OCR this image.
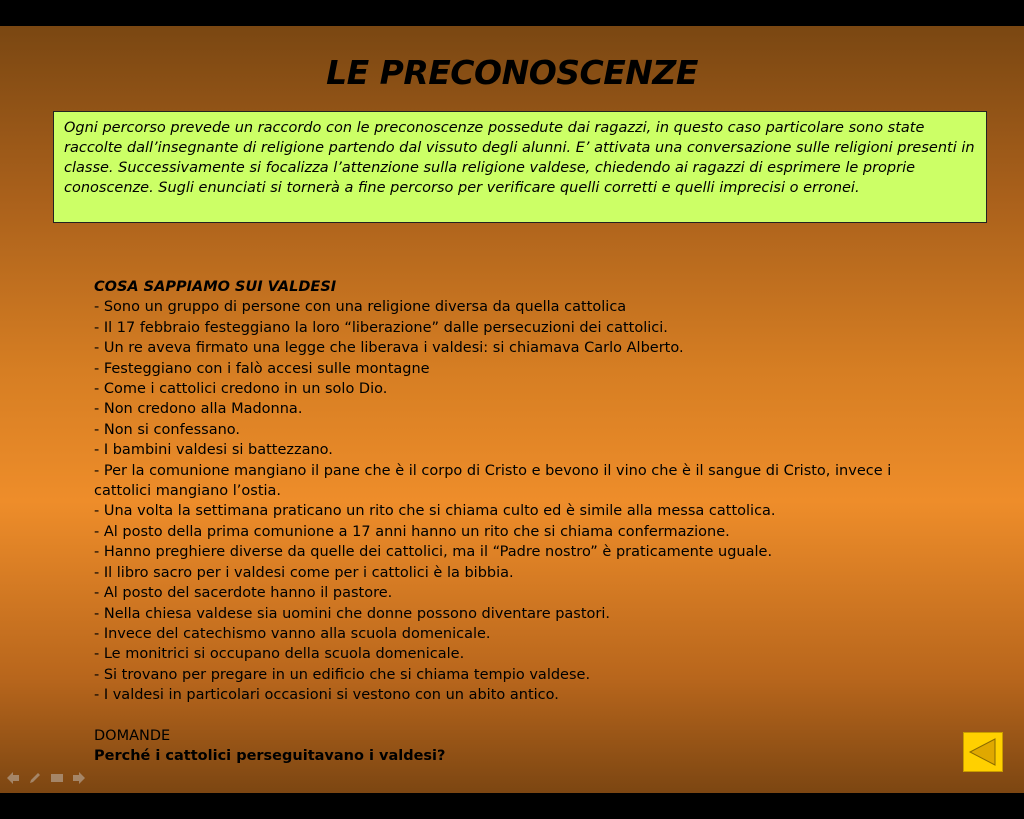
LE PRECONOSCENZE
Ogni percorso prevede un raccordo con le preconoscenze possedute dai ragazzi, in questo caso particolare sono state raccolte dall’insegnante di religione partendo dal vissuto degli alunni. E’ attivata una conversazione sulle religioni presenti in classe. Successivamente si focalizza l’attenzione sulla religione valdese, chiedendo ai ragazzi di esprimere le proprie conoscenze. Sugli enunciati si tornerà a fine percorso per verificare quelli corretti e quelli imprecisi o erronei.
COSA SAPPIAMO SUI VALDESI
- Sono un gruppo di persone con una religione diversa da quella cattolica
- Il 17 febbraio festeggiano la loro “liberazione” dalle persecuzioni dei cattolici.
- Un re aveva firmato una legge che liberava i valdesi: si chiamava Carlo Alberto.
- Festeggiano con i falò accesi sulle montagne
- Come i cattolici credono in un solo Dio.
- Non credono alla Madonna.
- Non si confessano.
- I bambini valdesi si battezzano.
- Per la comunione mangiano il pane che è il corpo di Cristo e bevono il vino che è il sangue di Cristo, invece i cattolici mangiano l’ostia.
- Una volta la settimana praticano un rito che si chiama culto ed è simile alla messa cattolica.
- Al posto della prima comunione a 17 anni hanno un rito che si chiama confermazione.
- Hanno preghiere diverse da quelle dei cattolici, ma il “Padre nostro” è praticamente uguale.
- Il libro sacro per i valdesi come per i cattolici è la bibbia.
- Al posto del sacerdote hanno il pastore.
- Nella chiesa valdese sia uomini che donne possono diventare pastori.
- Invece del catechismo vanno alla scuola domenicale.
- Le monitrici si occupano della scuola domenicale.
- Si trovano per pregare in un edificio che si chiama tempio valdese.
- I valdesi in particolari occasioni si vestono con un abito antico.
DOMANDE
Perché i cattolici perseguitavano i valdesi?
